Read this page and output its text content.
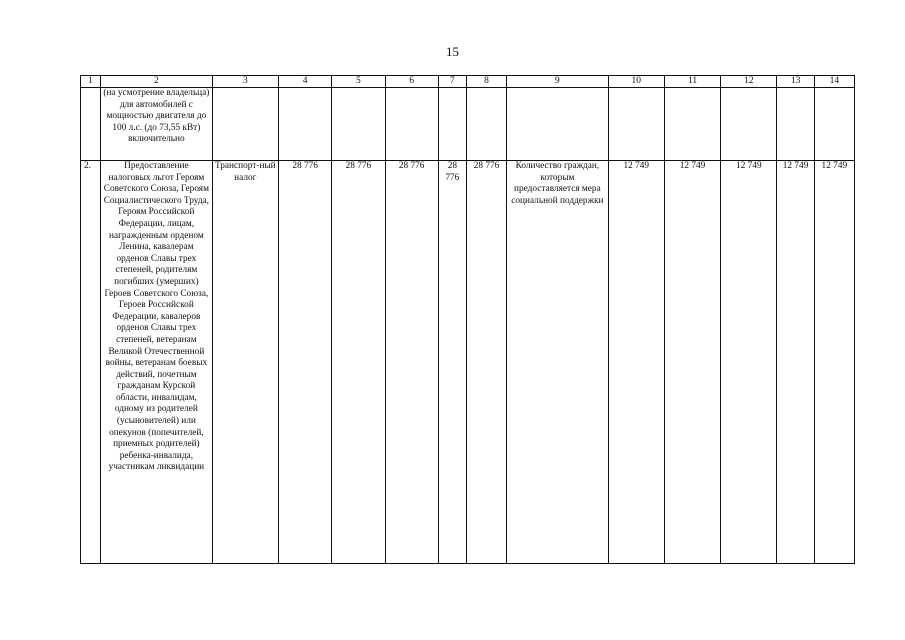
15
1	2	3	4	5	6	7	8	9	10	11	12	13	14
	(на усмотрение владельца) для автомобилей с мощностью двигателя до 100 л.с. (до 73,55 кВт) включительно												
2.	Предоставление налоговых льгот Героям Советского Союза, Героям Социалистического Труда, Героям Российской Федерации, лицам, награжденным орденом Ленина, кавалерам орденов Славы трех степеней, родителям погибших (умерших) Героев Советского Союза, Героев Российской Федерации, кавалеров орденов Славы трех степеней, ветеранам Великой Отечественной войны, ветеранам боевых действий, почетным гражданам Курской области, инвалидам, одному из родителей (усыновителей) или опекунов (попечителей, приемных родителей) ребенка-инвалида, участникам ликвидации	Транспорт-ный налог	28 776	28 776	28 776	28 776	28 776	Количество граждан, которым предоставляется мера социальной поддержки	12 749	12 749	12 749	12 749	12 749
